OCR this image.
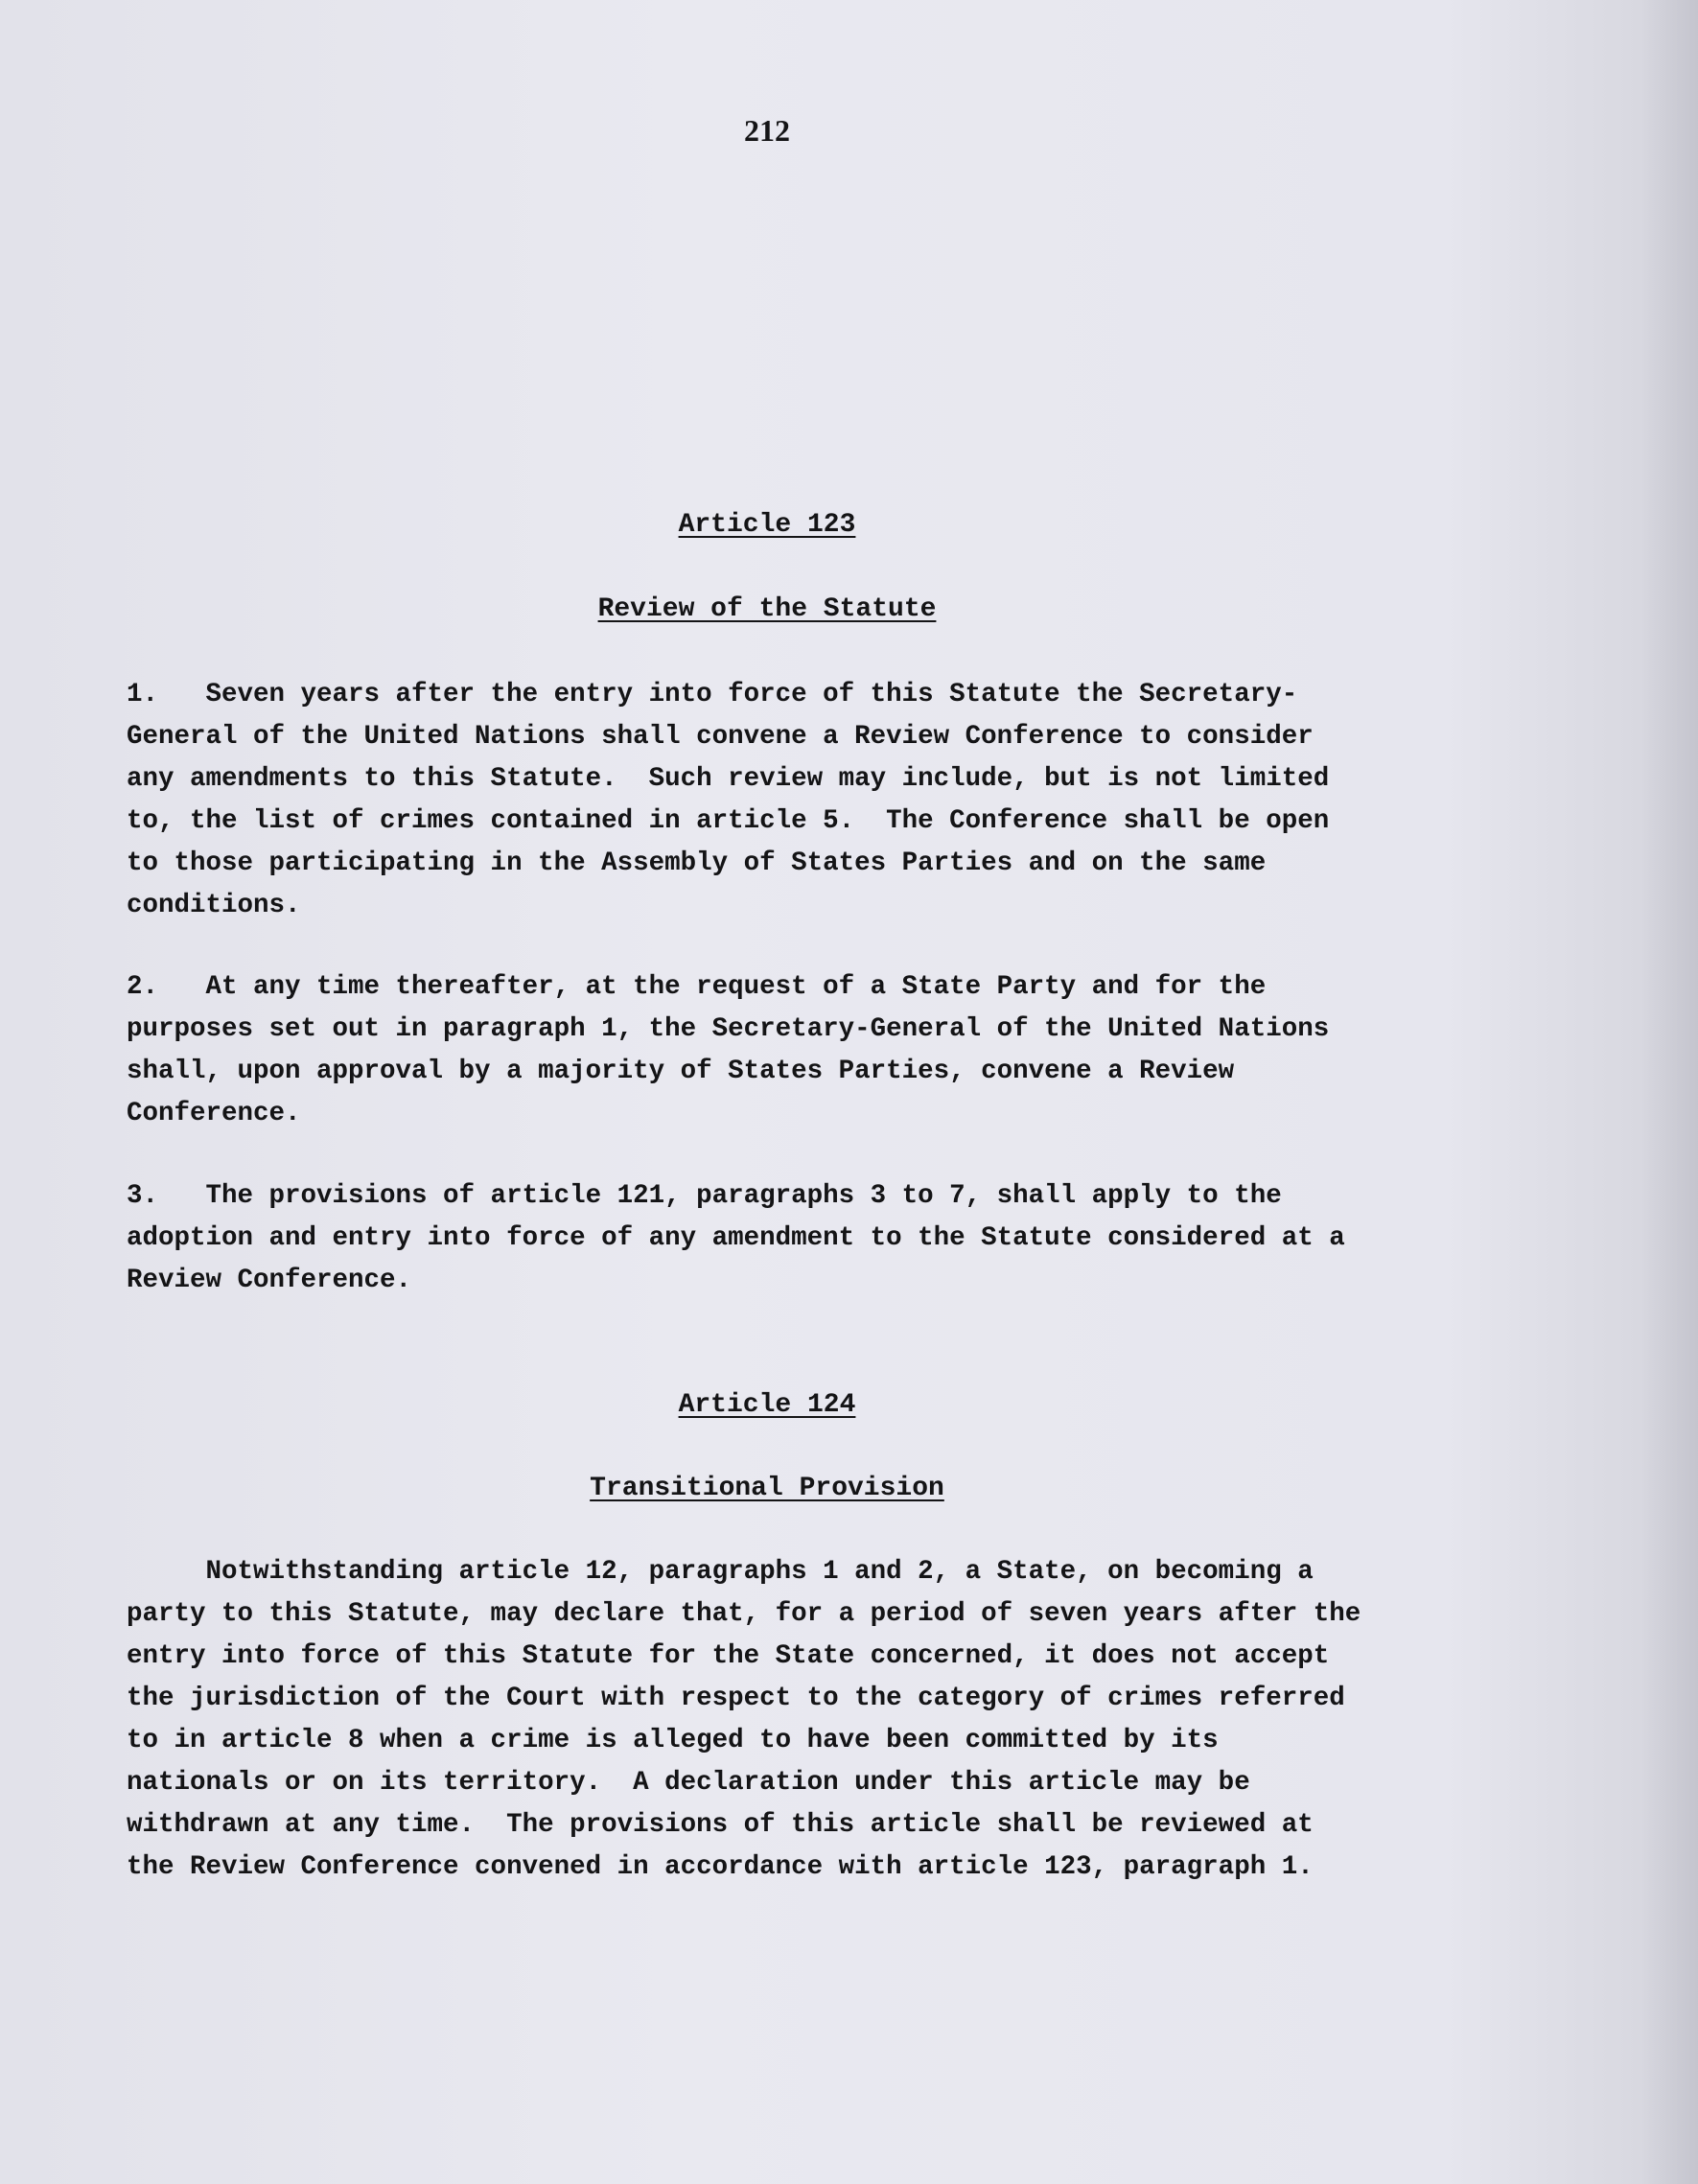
212
Article 123
Review of the Statute
1.   Seven years after the entry into force of this Statute the Secretary-
General of the United Nations shall convene a Review Conference to consider
any amendments to this Statute.  Such review may include, but is not limited
to, the list of crimes contained in article 5.  The Conference shall be open
to those participating in the Assembly of States Parties and on the same
conditions.
2.   At any time thereafter, at the request of a State Party and for the
purposes set out in paragraph 1, the Secretary-General of the United Nations
shall, upon approval by a majority of States Parties, convene a Review
Conference.
3.   The provisions of article 121, paragraphs 3 to 7, shall apply to the
adoption and entry into force of any amendment to the Statute considered at a
Review Conference.
Article 124
Transitional Provision
Notwithstanding article 12, paragraphs 1 and 2, a State, on becoming a
party to this Statute, may declare that, for a period of seven years after the
entry into force of this Statute for the State concerned, it does not accept
the jurisdiction of the Court with respect to the category of crimes referred
to in article 8 when a crime is alleged to have been committed by its
nationals or on its territory.  A declaration under this article may be
withdrawn at any time.  The provisions of this article shall be reviewed at
the Review Conference convened in accordance with article 123, paragraph 1.
